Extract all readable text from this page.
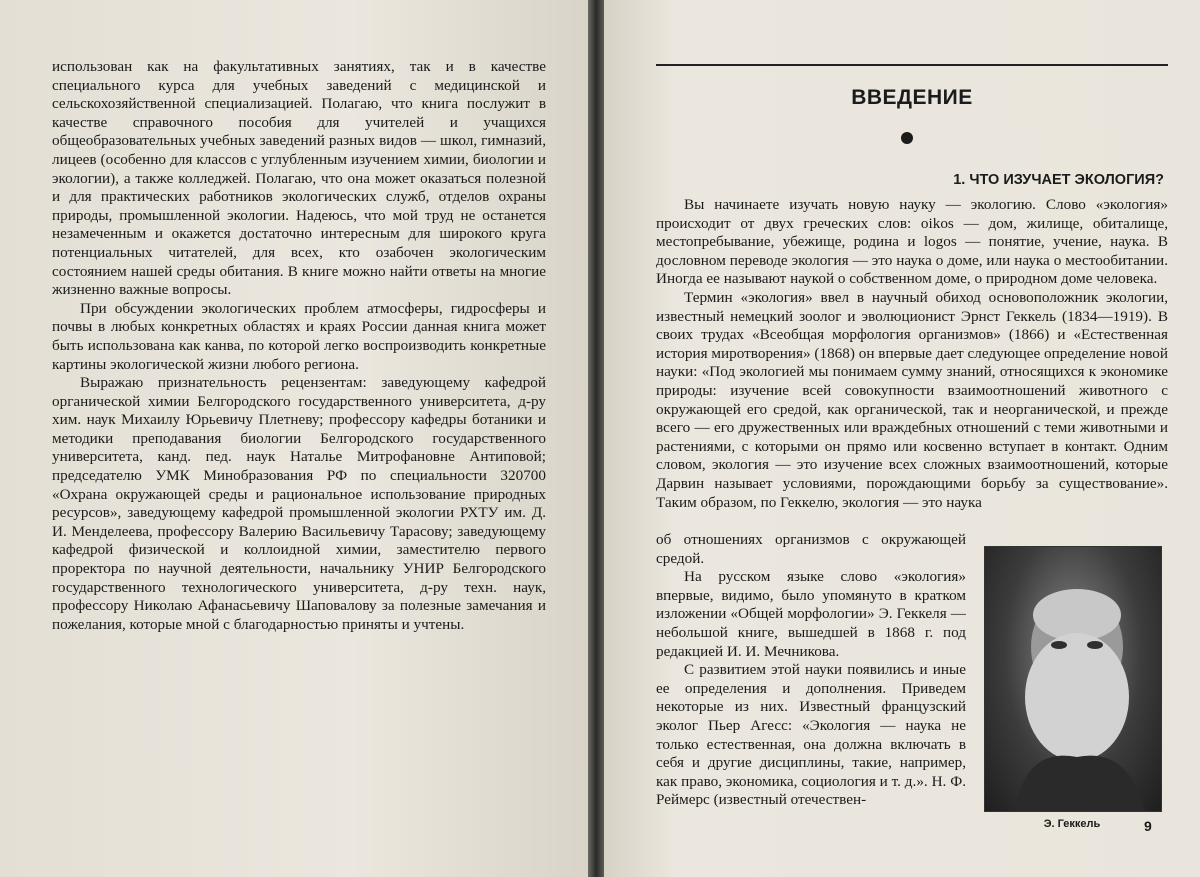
использован как на факультативных занятиях, так и в качестве специального курса для учебных заведений с медицинской и сельскохозяйственной специализацией. Полагаю, что книга послужит в качестве справочного пособия для учителей и учащихся общеобразовательных учебных заведений разных видов — школ, гимназий, лицеев (особенно для классов с углубленным изучением химии, биологии и экологии), а также колледжей. Полагаю, что она может оказаться полезной и для практических работников экологических служб, отделов охраны природы, промышленной экологии. Надеюсь, что мой труд не останется незамеченным и окажется достаточно интересным для широкого круга потенциальных читателей, для всех, кто озабочен экологическим состоянием нашей среды обитания. В книге можно найти ответы на многие жизненно важные вопросы.

При обсуждении экологических проблем атмосферы, гидросферы и почвы в любых конкретных областях и краях России данная книга может быть использована как канва, по которой легко воспроизводить конкретные картины экологической жизни любого региона.

Выражаю признательность рецензентам: заведующему кафедрой органической химии Белгородского государственного университета, д-ру хим. наук Михаилу Юрьевичу Плетневу; профессору кафедры ботаники и методики преподавания биологии Белгородского государственного университета, канд. пед. наук Наталье Митрофановне Антиповой; председателю УМК Минобразования РФ по специальности 320700 «Охрана окружающей среды и рациональное использование природных ресурсов», заведующему кафедрой промышленной экологии РХТУ им. Д. И. Менделеева, профессору Валерию Васильевичу Тарасову; заведующему кафедрой физической и коллоидной химии, заместителю первого проректора по научной деятельности, начальнику УНИР Белгородского государственного технологического университета, д-ру техн. наук, профессору Николаю Афанасьевичу Шаповалову за полезные замечания и пожелания, которые мной с благодарностью приняты и учтены.

ВВЕДЕНИЕ
1. ЧТО ИЗУЧАЕТ ЭКОЛОГИЯ?

Вы начинаете изучать новую науку — экологию. Слово «экология» происходит от двух греческих слов: oikos — дом, жилище, обиталище, местопребывание, убежище, родина и logos — понятие, учение, наука. В дословном переводе экология — это наука о доме, или наука о местообитании. Иногда ее называют наукой о собственном доме, о природном доме человека.

Термин «экология» ввел в научный обиход основоположник экологии, известный немецкий зоолог и эволюционист Эрнст Геккель (1834—1919). В своих трудах «Всеобщая морфология организмов» (1866) и «Естественная история миротворения» (1868) он впервые дает следующее определение новой науки: «Под экологией мы понимаем сумму знаний, относящихся к экономике природы: изучение всей совокупности взаимоотношений животного с окружающей его средой, как органической, так и неорганической, и прежде всего — его дружественных или враждебных отношений с теми животными и растениями, с которыми он прямо или косвенно вступает в контакт. Одним словом, экология — это изучение всех сложных взаимоотношений, которые Дарвин называет условиями, порождающими борьбу за существование». Таким образом, по Геккелю, экология — это наука

об отношениях организмов с окружающей средой.

На русском языке слово «экология» впервые, видимо, было упомянуто в кратком изложении «Общей морфологии» Э. Геккеля — небольшой книге, вышедшей в 1868 г. под редакцией И. И. Мечникова.

С развитием этой науки появились и иные ее определения и дополнения. Приведем некоторые из них. Известный французский эколог Пьер Агесс: «Экология — наука не только естественная, она должна включать в себя и другие дисциплины, такие, например, как право, экономика, социология и т. д.». Н. Ф. Реймерс (известный отечествен-

Э. Геккель	9
